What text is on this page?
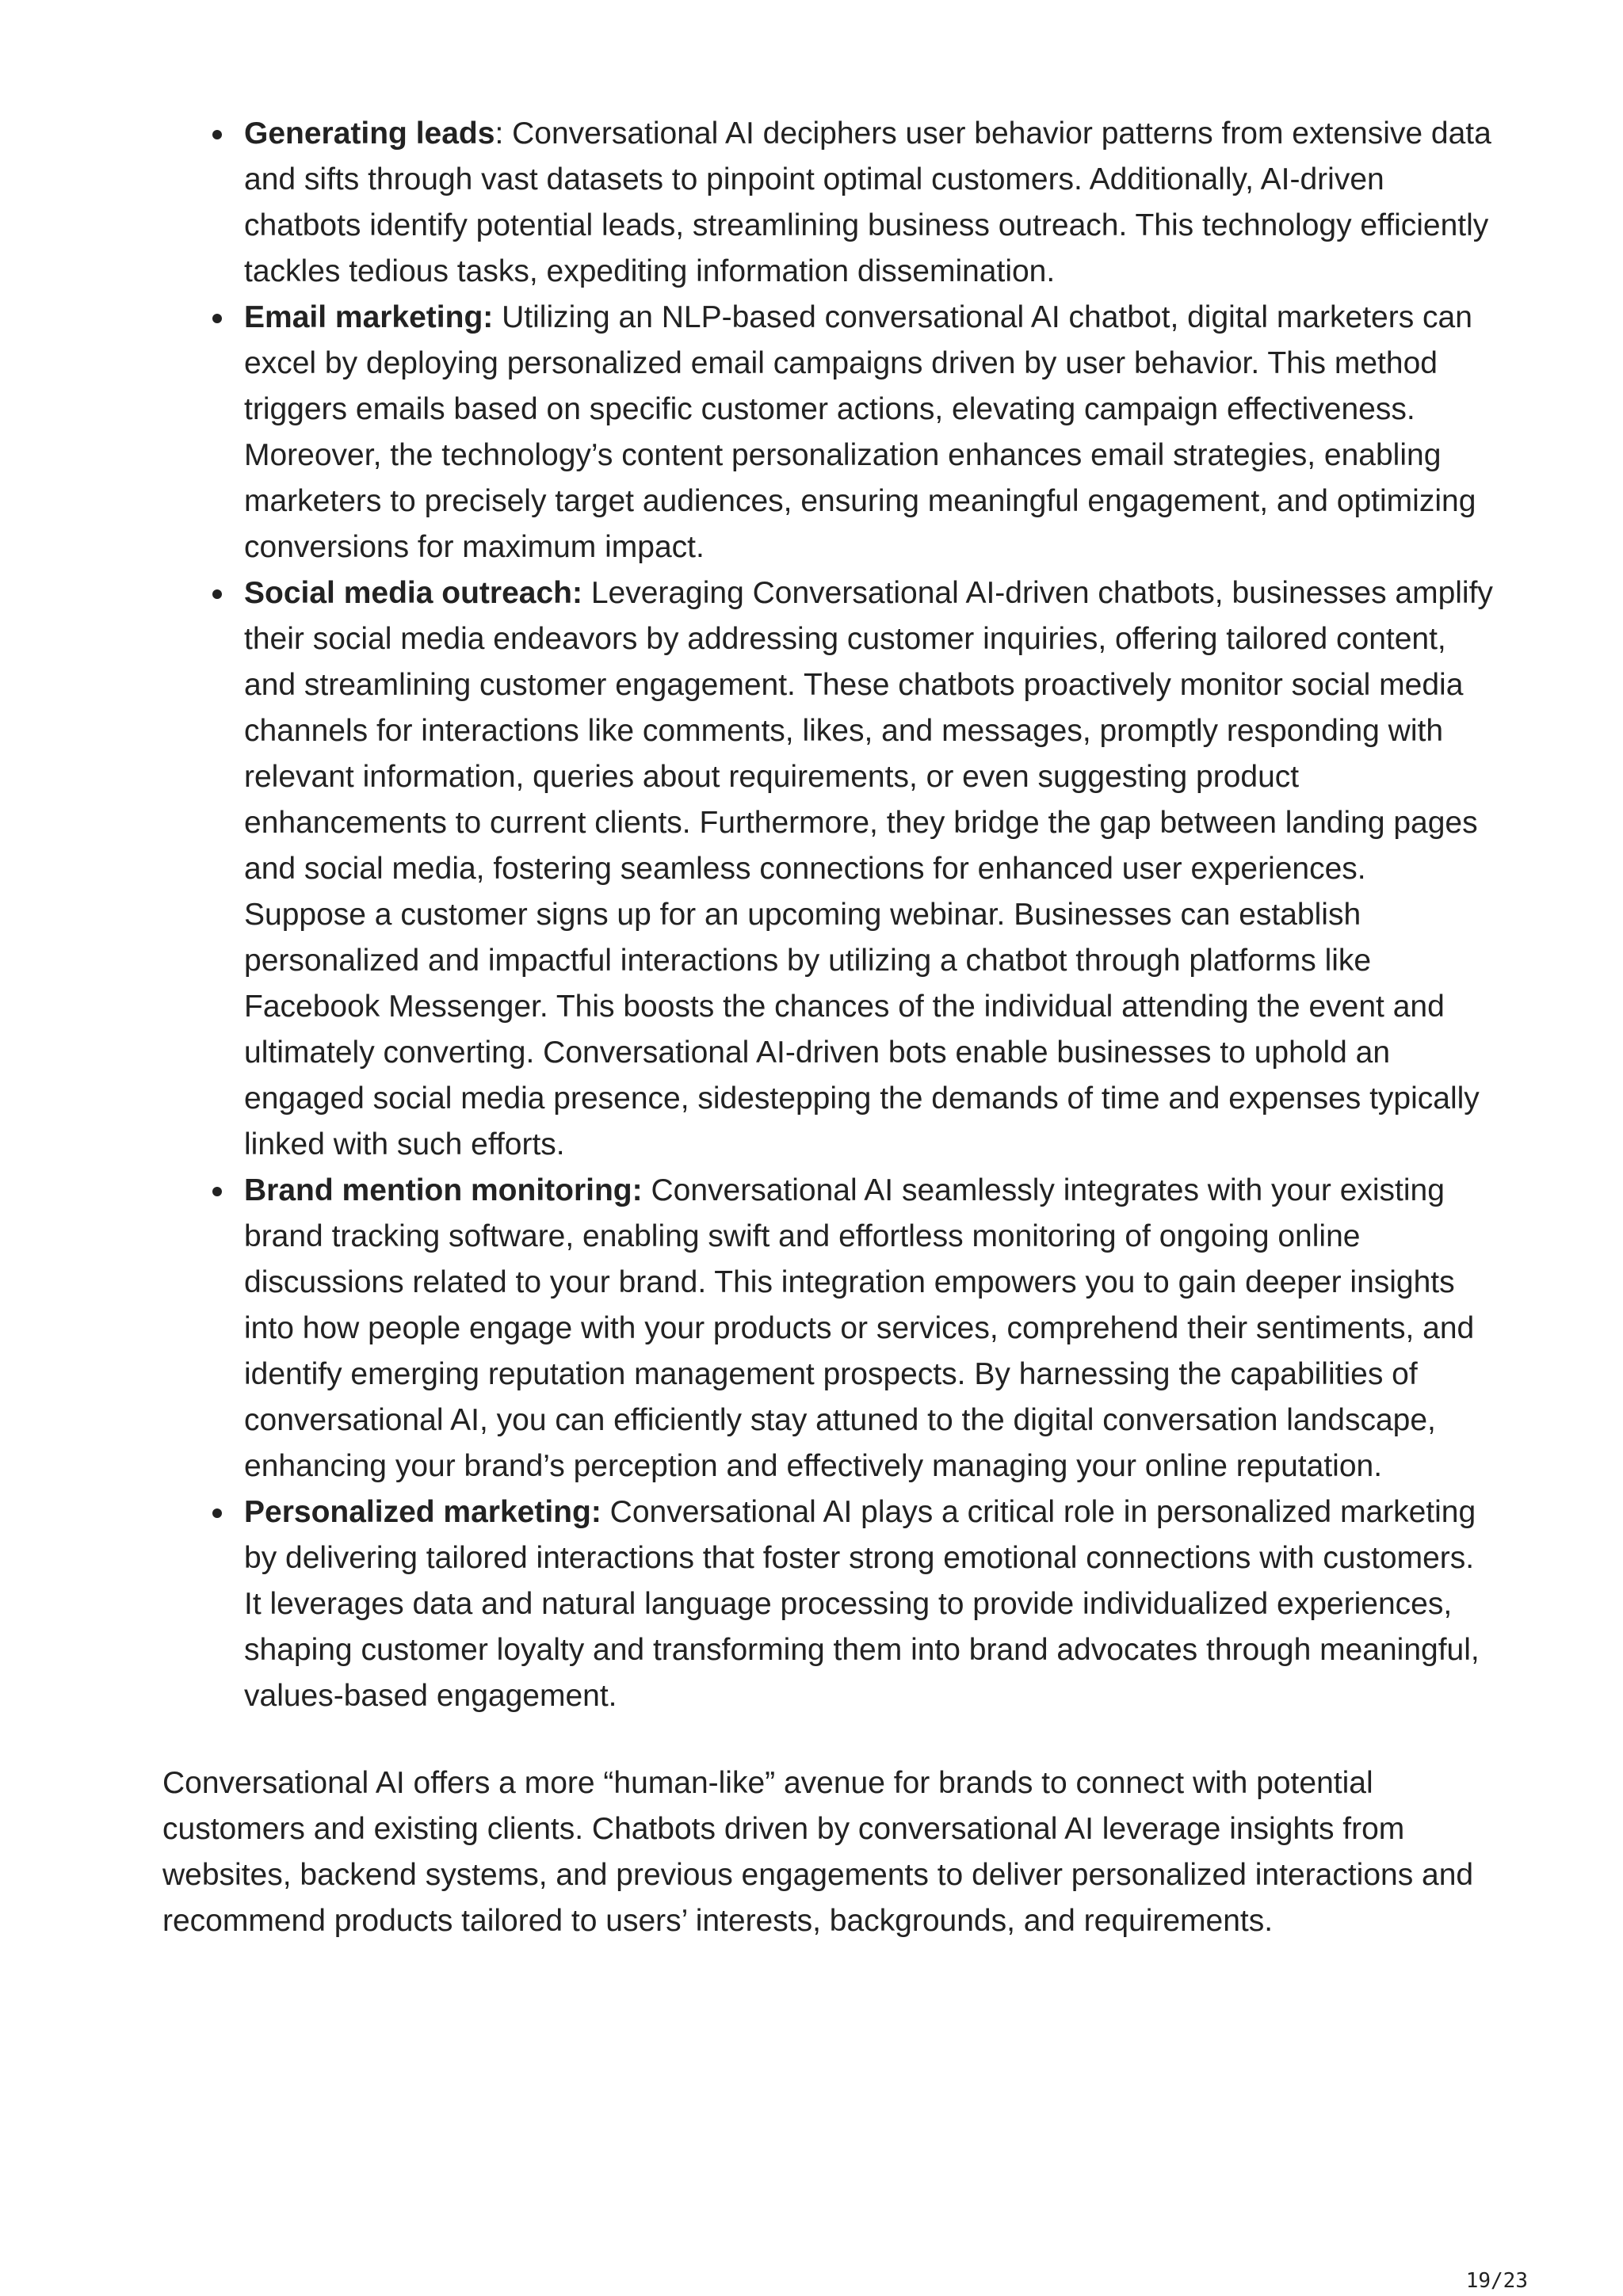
Generating leads: Conversational AI deciphers user behavior patterns from extensive data and sifts through vast datasets to pinpoint optimal customers. Additionally, AI-driven chatbots identify potential leads, streamlining business outreach. This technology efficiently tackles tedious tasks, expediting information dissemination.
Email marketing: Utilizing an NLP-based conversational AI chatbot, digital marketers can excel by deploying personalized email campaigns driven by user behavior. This method triggers emails based on specific customer actions, elevating campaign effectiveness. Moreover, the technology’s content personalization enhances email strategies, enabling marketers to precisely target audiences, ensuring meaningful engagement, and optimizing conversions for maximum impact.

Social media outreach: Leveraging Conversational AI-driven chatbots, businesses amplify their social media endeavors by addressing customer inquiries, offering tailored content, and streamlining customer engagement. These chatbots proactively monitor social media channels for interactions like comments, likes, and messages, promptly responding with relevant information, queries about requirements, or even suggesting product enhancements to current clients. Furthermore, they bridge the gap between landing pages and social media, fostering seamless connections for enhanced user experiences.

Suppose a customer signs up for an upcoming webinar. Businesses can establish personalized and impactful interactions by utilizing a chatbot through platforms like Facebook Messenger. This boosts the chances of the individual attending the event and ultimately converting. Conversational AI-driven bots enable businesses to uphold an engaged social media presence, sidestepping the demands of time and expenses typically linked with such efforts.

Brand mention monitoring: Conversational AI seamlessly integrates with your existing brand tracking software, enabling swift and effortless monitoring of ongoing online discussions related to your brand. This integration empowers you to gain deeper insights into how people engage with your products or services, comprehend their sentiments, and identify emerging reputation management prospects. By harnessing the capabilities of conversational AI, you can efficiently stay attuned to the digital conversation landscape, enhancing your brand’s perception and effectively managing your online reputation.
Personalized marketing: Conversational AI plays a critical role in personalized marketing by delivering tailored interactions that foster strong emotional connections with customers. It leverages data and natural language processing to provide individualized experiences, shaping customer loyalty and transforming them into brand advocates through meaningful, values-based engagement.

Conversational AI offers a more “human-like” avenue for brands to connect with potential customers and existing clients. Chatbots driven by conversational AI leverage insights from websites, backend systems, and previous engagements to deliver personalized interactions and recommend products tailored to users’ interests, backgrounds, and requirements.

19/23
